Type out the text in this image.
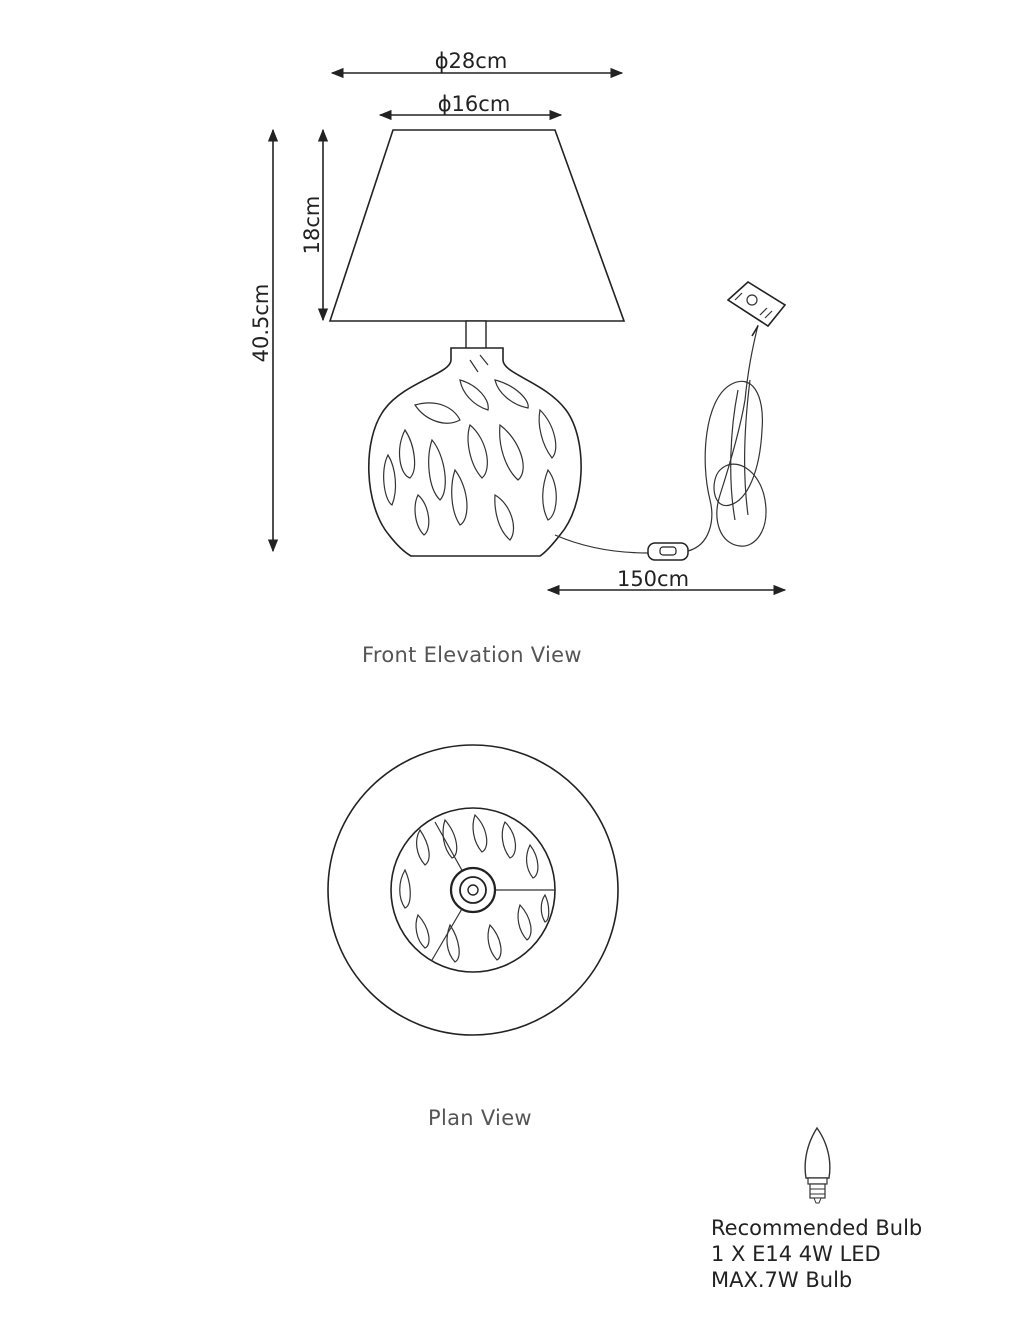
ϕ28cm
ϕ16cm
18cm
40.5cm
150cm
Front Elevation View
Plan View
Recommended Bulb
1 X E14 4W LED
MAX.7W Bulb
